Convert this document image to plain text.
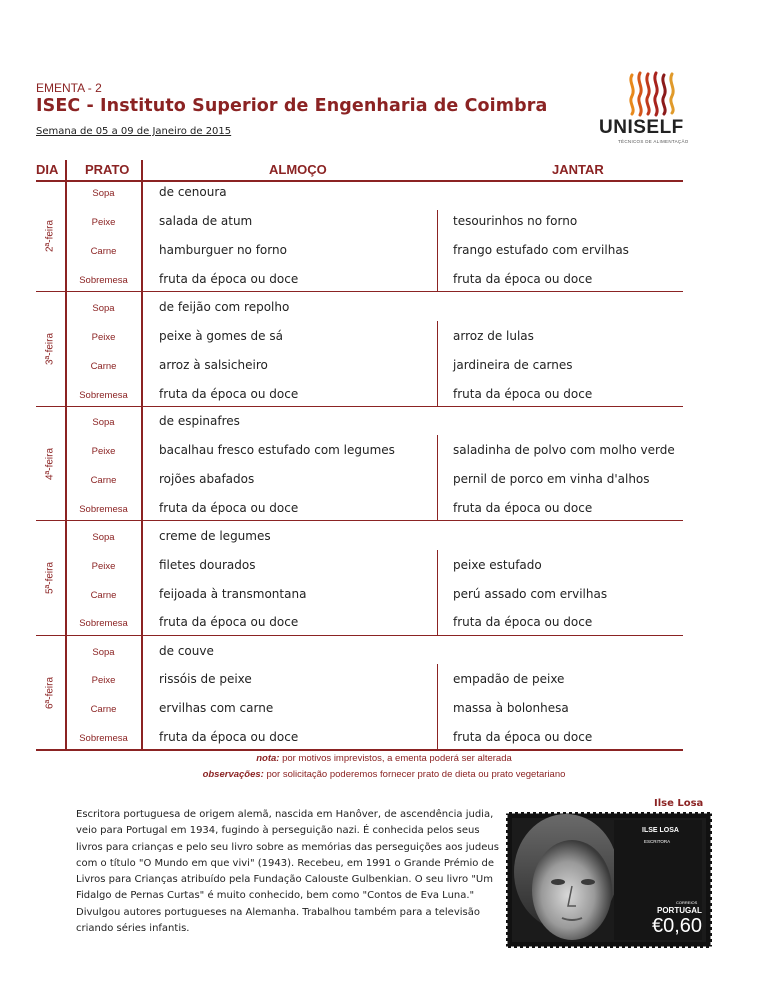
EMENTA - 2
ISEC - Instituto Superior de Engenharia de Coimbra
Semana de 05 a 09 de Janeiro de 2015	UNISELF
TÉCNICOS DE ALIMENTAÇÃO
DIA PRATO	ALMOÇO	JANTAR
2ª-feira
Sopa	de cenoura
Peixe	salada de atum	tesourinhos no forno
Carne	hamburguer no forno	frango estufado com ervilhas
Sobremesa	fruta da época ou doce	fruta da época ou doce
3ª-feira
Sopa	de feijão com repolho
Peixe	peixe à gomes de sá	arroz de lulas
Carne	arroz à salsicheiro	jardineira de carnes
Sobremesa	fruta da época ou doce	fruta da época ou doce
4ª-feira
Sopa	de espinafres
Peixe	bacalhau fresco estufado com legumes	saladinha de polvo com molho verde
Carne	rojões abafados	pernil de porco em vinha d'alhos
Sobremesa	fruta da época ou doce	fruta da época ou doce
5ª-feira
Sopa	creme de legumes
Peixe	filetes dourados	peixe estufado
Carne	feijoada à transmontana	perú assado com ervilhas
Sobremesa	fruta da época ou doce	fruta da época ou doce
6ª-feira
Sopa	de couve
Peixe	rissóis de peixe	empadão de peixe
Carne	ervilhas com carne	massa à bolonhesa
Sobremesa	fruta da época ou doce	fruta da época ou doce
nota: por motivos imprevistos, a ementa poderá ser alterada
observações: por solicitação poderemos fornecer prato de dieta ou prato vegetariano
Ilse Losa
Escritora portuguesa de origem alemã, nascida em Hanôver, de ascendência judia, veio para Portugal em 1934, fugindo à perseguição nazi. É conhecida pelos seus livros para crianças e pelo seu livro sobre as memórias das perseguições aos judeus com o título "O Mundo em que vivi" (1943). Recebeu, em 1991 o Grande Prémio de Livros para Crianças atribuído pela Fundação Calouste Gulbenkian. O seu livro "Um Fidalgo de Pernas Curtas" é muito conhecido, bem como "Contos de Eva Luna." Divulgou autores portugueses na Alemanha. Trabalhou também para a televisão criando séries infantis.
ILSE LOSA
ESCRITORA
CORREIOS
PORTUGAL
€0,60
